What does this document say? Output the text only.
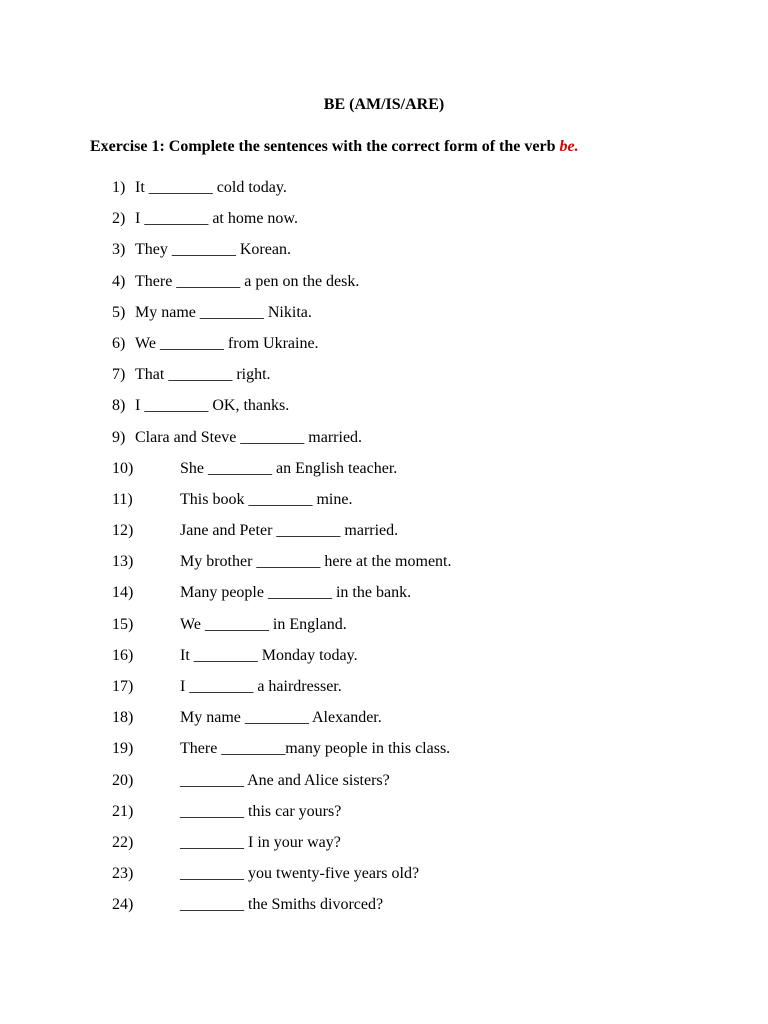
BE (AM/IS/ARE)
Exercise 1: Complete the sentences with the correct form of the verb be.
1) It ________ cold today.
2) I ________ at home now.
3) They ________ Korean.
4) There ________ a pen on the desk.
5) My name ________ Nikita.
6) We ________ from Ukraine.
7) That ________ right.
8) I ________ OK, thanks.
9) Clara and Steve ________ married.
10)	She ________ an English teacher.
11)	This book ________ mine.
12)	Jane and Peter ________ married.
13)	My brother ________ here at the moment.
14)	Many people ________ in the bank.
15)	We ________ in England.
16)	It ________ Monday today.
17)	I ________ a hairdresser.
18)	My name ________ Alexander.
19)	There ________many people in this class.
20)	________ Ane and Alice sisters?
21)	________ this car yours?
22)	________ I in your way?
23)	________ you twenty-five years old?
24)	________ the Smiths divorced?
